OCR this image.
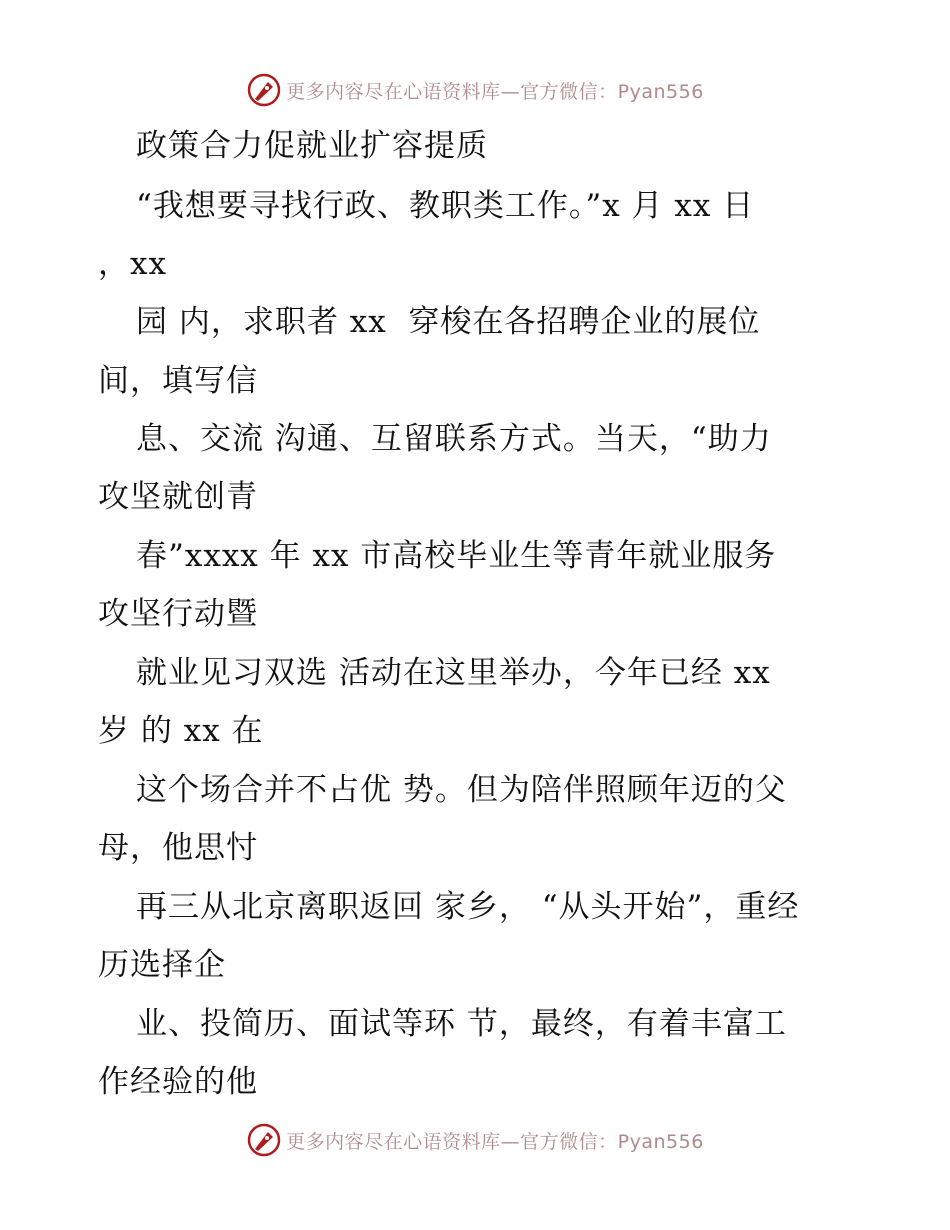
更多内容尽在心语资料库—官方微信：Pyan556
政策合力促就业扩容提质
“我想要寻找行政、教职类工作。”x 月 xx 日
，xx
园 内，求职者 xx  穿梭在各招聘企业的展位
间，填写信
息、交流 沟通、互留联系方式。当天，“助力
攻坚就创青
春”xxxx 年 xx 市高校毕业生等青年就业服务
攻坚行动暨
就业见习双选 活动在这里举办，今年已经 xx
岁 的 xx 在
这个场合并不占优 势。但为陪伴照顾年迈的父
母，他思忖
再三从北京离职返回 家乡， “从头开始”，重经
历选择企
业、投简历、面试等环 节，最终，有着丰富工
作经验的他
更多内容尽在心语资料库—官方微信：Pyan556
